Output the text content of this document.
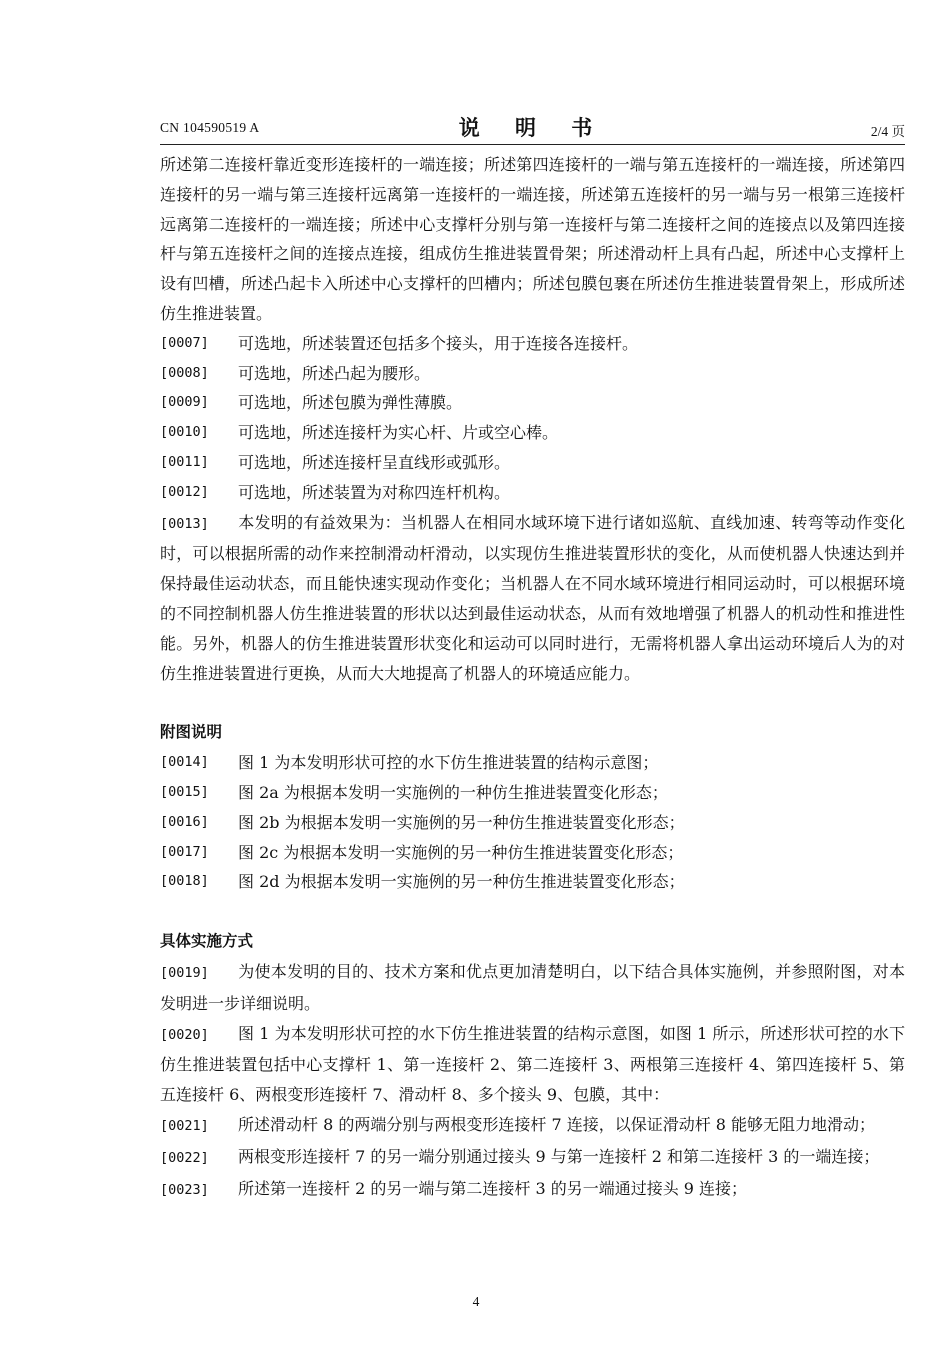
CN 104590519 A	说 明 书	2/4 页

所述第二连接杆靠近变形连接杆的一端连接；所述第四连接杆的一端与第五连接杆的一端连接，所述第四连接杆的另一端与第三连接杆远离第一连接杆的一端连接，所述第五连接杆的另一端与另一根第三连接杆远离第二连接杆的一端连接；所述中心支撑杆分别与第一连接杆与第二连接杆之间的连接点以及第四连接杆与第五连接杆之间的连接点连接，组成仿生推进装置骨架；所述滑动杆上具有凸起，所述中心支撑杆上设有凹槽，所述凸起卡入所述中心支撑杆的凹槽内；所述包膜包裹在所述仿生推进装置骨架上，形成所述仿生推进装置。

[0007]	可选地，所述装置还包括多个接头，用于连接各连接杆。

[0008]	可选地，所述凸起为腰形。

[0009]	可选地，所述包膜为弹性薄膜。

[0010]	可选地，所述连接杆为实心杆、片或空心棒。

[0011]	可选地，所述连接杆呈直线形或弧形。

[0012]	可选地，所述装置为对称四连杆机构。

[0013] 本发明的有益效果为：当机器人在相同水域环境下进行诸如巡航、直线加速、转弯等动作变化时，可以根据所需的动作来控制滑动杆滑动，以实现仿生推进装置形状的变化，从而使机器人快速达到并保持最佳运动状态，而且能快速实现动作变化；当机器人在不同水域环境进行相同运动时，可以根据环境的不同控制机器人仿生推进装置的形状以达到最佳运动状态，从而有效地增强了机器人的机动性和推进性能。另外，机器人的仿生推进装置形状变化和运动可以同时进行，无需将机器人拿出运动环境后人为的对仿生推进装置进行更换，从而大大地提高了机器人的环境适应能力。

附图说明

[0014]	图 1 为本发明形状可控的水下仿生推进装置的结构示意图；

[0015]	图 2a 为根据本发明一实施例的一种仿生推进装置变化形态；

[0016]	图 2b 为根据本发明一实施例的另一种仿生推进装置变化形态；

[0017]	图 2c 为根据本发明一实施例的另一种仿生推进装置变化形态；

[0018]	图 2d 为根据本发明一实施例的另一种仿生推进装置变化形态；

具体实施方式

[0019] 为使本发明的目的、技术方案和优点更加清楚明白，以下结合具体实施例，并参照附图，对本发明进一步详细说明。

[0020] 图 1 为本发明形状可控的水下仿生推进装置的结构示意图，如图 1 所示，所述形状可控的水下仿生推进装置包括中心支撑杆 1、第一连接杆 2、第二连接杆 3、两根第三连接杆 4、第四连接杆 5、第五连接杆 6、两根变形连接杆 7、滑动杆 8、多个接头 9、包膜，其中：

[0021] 所述滑动杆 8 的两端分别与两根变形连接杆 7 连接，以保证滑动杆 8 能够无阻力地滑动；

[0022] 两根变形连接杆 7 的另一端分别通过接头 9 与第一连接杆 2 和第二连接杆 3 的一端连接；

[0023] 所述第一连接杆 2 的另一端与第二连接杆 3 的另一端通过接头 9 连接；

4
